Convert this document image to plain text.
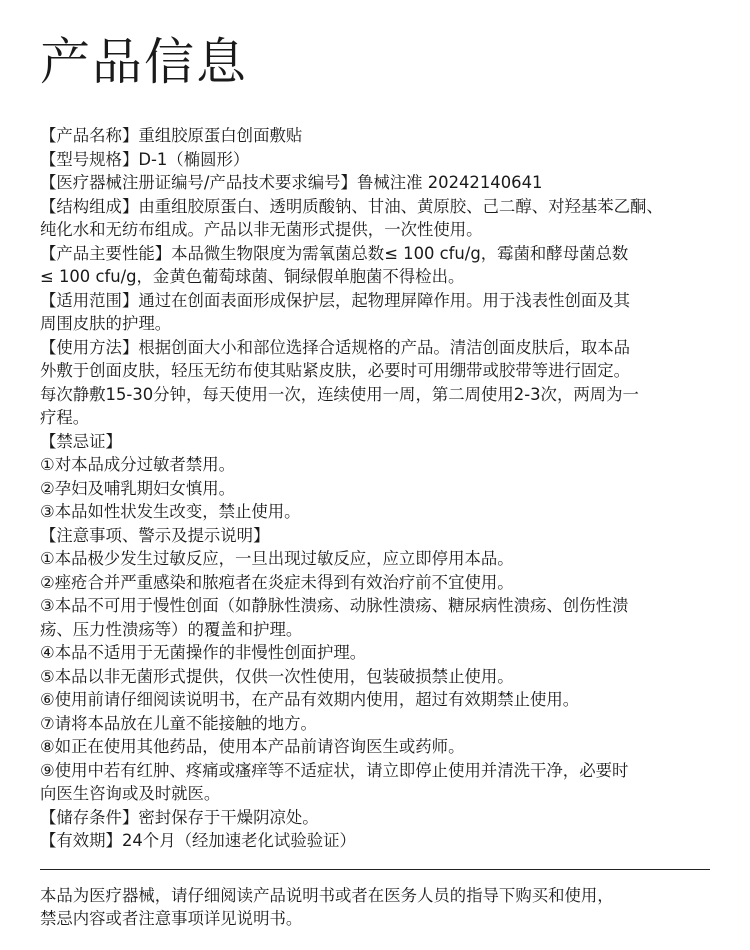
产品信息
【产品名称】重组胶原蛋白创面敷贴
【型号规格】D-1（椭圆形）
【医疗器械注册证编号/产品技术要求编号】鲁械注准 20242140641
【结构组成】由重组胶原蛋白、透明质酸钠、甘油、黄原胶、己二醇、对羟基苯乙酮、
纯化水和无纺布组成。产品以非无菌形式提供，一次性使用。
【产品主要性能】本品微生物限度为需氧菌总数≤ 100 cfu/g，霉菌和酵母菌总数
≤ 100 cfu/g，金黄色葡萄球菌、铜绿假单胞菌不得检出。
【适用范围】通过在创面表面形成保护层，起物理屏障作用。用于浅表性创面及其
周围皮肤的护理。
【使用方法】根据创面大小和部位选择合适规格的产品。清洁创面皮肤后，取本品
外敷于创面皮肤，轻压无纺布使其贴紧皮肤，必要时可用绷带或胶带等进行固定。
每次静敷15-30分钟，每天使用一次，连续使用一周，第二周使用2-3次，两周为一
疗程。
【禁忌证】
①对本品成分过敏者禁用。
②孕妇及哺乳期妇女慎用。
③本品如性状发生改变，禁止使用。
【注意事项、警示及提示说明】
①本品极少发生过敏反应，一旦出现过敏反应，应立即停用本品。
②痤疮合并严重感染和脓疱者在炎症未得到有效治疗前不宜使用。
③本品不可用于慢性创面（如静脉性溃疡、动脉性溃疡、糖尿病性溃疡、创伤性溃
疡、压力性溃疡等）的覆盖和护理。
④本品不适用于无菌操作的非慢性创面护理。
⑤本品以非无菌形式提供，仅供一次性使用，包装破损禁止使用。
⑥使用前请仔细阅读说明书，在产品有效期内使用，超过有效期禁止使用。
⑦请将本品放在儿童不能接触的地方。
⑧如正在使用其他药品，使用本产品前请咨询医生或药师。
⑨使用中若有红肿、疼痛或瘙痒等不适症状，请立即停止使用并清洗干净，必要时
向医生咨询或及时就医。
【储存条件】密封保存于干燥阴凉处。
【有效期】24个月（经加速老化试验验证）
本品为医疗器械，请仔细阅读产品说明书或者在医务人员的指导下购买和使用，
禁忌内容或者注意事项详见说明书。
